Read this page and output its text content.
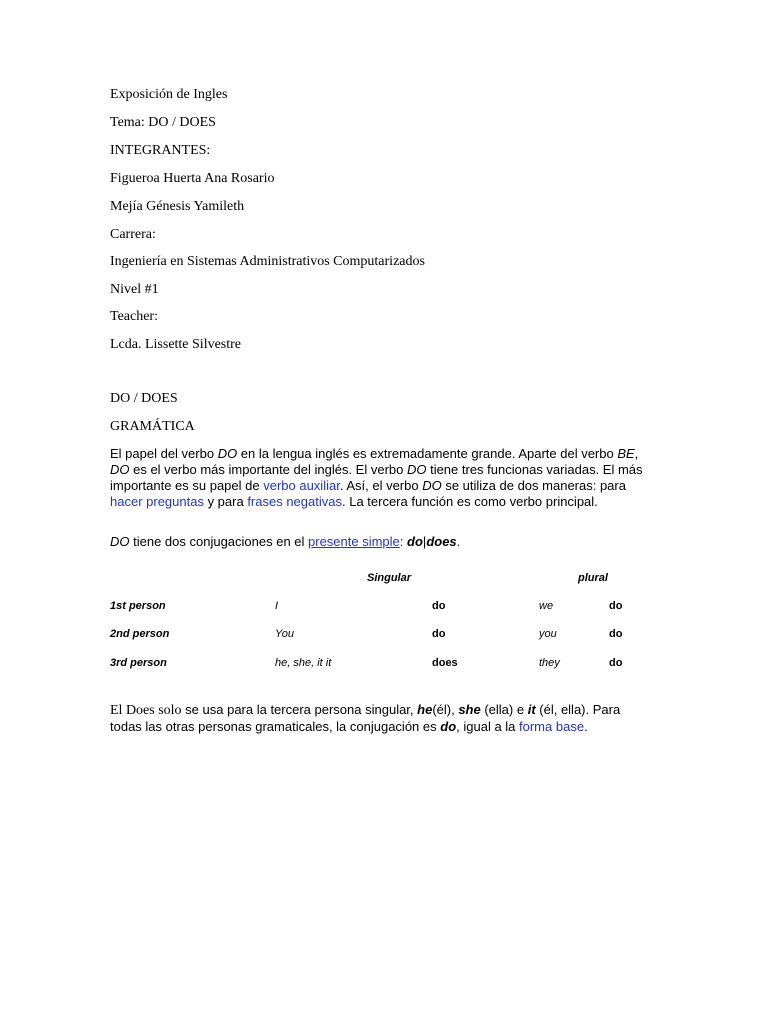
Exposición de Ingles
Tema: DO / DOES
INTEGRANTES:
Figueroa Huerta Ana Rosario
Mejía Génesis Yamileth
Carrera:
Ingeniería en Sistemas Administrativos Computarizados
Nivel #1
Teacher:
Lcda. Lissette Silvestre
DO / DOES
GRAMÁTICA
El papel del verbo DO en la lengua inglés es extremadamente grande. Aparte del verbo BE, DO es el verbo más importante del inglés. El verbo DO tiene tres funcionas variadas. El más importante es su papel de verbo auxiliar. Así, el verbo DO se utiliza de dos maneras: para hacer preguntas y para frases negativas. La tercera función es como verbo principal.
DO tiene dos conjugaciones en el presente simple: do|does.
Singular	plural
1st person	I	do	we	do
2nd person	You	do	you	do
3rd person	he, she, it it	does	they	do
El Does solo se usa para la tercera persona singular, he(él), she (ella) e it (él, ella). Para todas las otras personas gramaticales, la conjugación es do, igual a la forma base.
